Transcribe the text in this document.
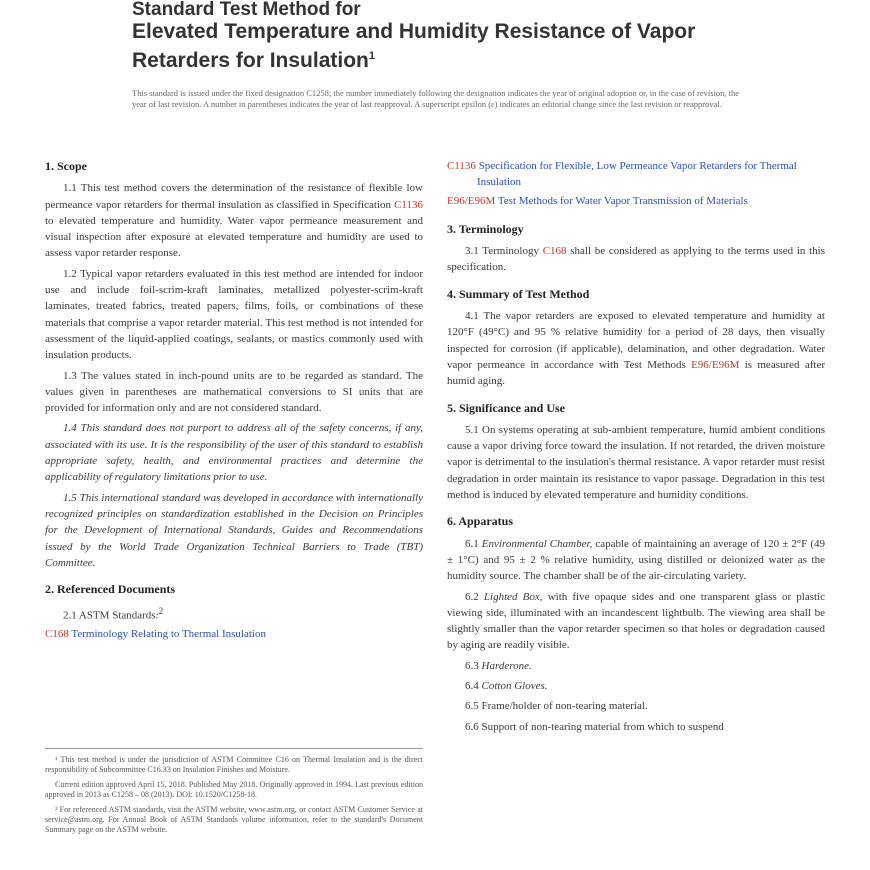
Standard Test Method for

Elevated Temperature and Humidity Resistance of Vapor

Retarders for Insulation$^1$

This standard is issued under the fixed designation C1258; the number immediately following the designation indicates the year of original adoption or, in the case of revision, the year of last revision. A number in parentheses indicates the year of last reapproval. A superscript epsilon (ε) indicates an editorial change since the last revision or reapproval.

1. Scope

1.1 This test method covers the determination of the resistance of flexible low permeance vapor retarders for thermal insulation as classified in Specification C1136 to elevated temperature and humidity. Water vapor permeance measurement and visual inspection after exposure at elevated temperature and humidity are used to assess vapor retarder response.

1.2 Typical vapor retarders evaluated in this test method are intended for indoor use and include foil-scrim-kraft laminates, metallized polyester-scrim-kraft laminates, treated fabrics, treated papers, films, foils, or combinations of these materials that comprise a vapor retarder material. This test method is not intended for assessment of the liquid-applied coatings, sealants, or mastics commonly used with insulation products.

1.3 The values stated in inch-pound units are to be regarded as standard. The values given in parentheses are mathematical conversions to SI units that are provided for information only and are not considered standard.

1.4 This standard does not purport to address all of the safety concerns, if any, associated with its use. It is the responsibility of the user of this standard to establish appropriate safety, health, and environmental practices and determine the applicability of regulatory limitations prior to use.

1.5 This international standard was developed in accordance with internationally recognized principles on standardization established in the Decision on Principles for the Development of International Standards, Guides and Recommendations issued by the World Trade Organization Technical Barriers to Trade (TBT) Committee.

2. Referenced Documents

2.1 ASTM Standards:$^2$

C168 Terminology Relating to Thermal Insulation

C1136 Specification for Flexible, Low Permeance Vapor Retarders for Thermal Insulation

E96/E96M Test Methods for Water Vapor Transmission of Materials

3. Terminology

3.1 Terminology C168 shall be considered as applying to the terms used in this specification.

4. Summary of Test Method

4.1 The vapor retarders are exposed to elevated temperature and humidity at 120°F (49°C) and 95 % relative humidity for a period of 28 days, then visually inspected for corrosion (if applicable), delamination, and other degradation. Water vapor permeance in accordance with Test Methods E96/E96M is measured after humid aging.

5. Significance and Use

5.1 On systems operating at sub-ambient temperature, humid ambient conditions cause a vapor driving force toward the insulation. If not retarded, the driven moisture vapor is detrimental to the insulation's thermal resistance. A vapor retarder must resist degradation in order maintain its resistance to vapor passage. Degradation in this test method is induced by elevated temperature and humidity conditions.

6. Apparatus

6.1 Environmental Chamber, capable of maintaining an average of 120 ± 2°F (49 ± 1°C) and 95 ± 2 % relative humidity, using distilled or deionized water as the humidity source. The chamber shall be of the air-circulating variety.

6.2 Lighted Box, with five opaque sides and one transparent glass or plastic viewing side, illuminated with an incandescent lightbulb. The viewing area shall be slightly smaller than the vapor retarder specimen so that holes or degradation caused by aging are readily visible.

6.3 Harderone.

6.4 Cotton Gloves.

6.5 Frame/holder of non-tearing material.

6.6 Support of non-tearing material from which to suspend

¹ This test method is under the jurisdiction of ASTM Committee C16 on Thermal Insulation and is the direct responsibility of Subcommittee C16.33 on Insulation Finishes and Moisture.

Current edition approved April 15, 2018. Published May 2018. Originally approved in 1994. Last previous edition approved in 2013 as C1258 – 08 (2013). DOI: 10.1520/C1258-18.

² For referenced ASTM standards, visit the ASTM website, www.astm.org, or contact ASTM Customer Service at service@astm.org. For Annual Book of ASTM Standards volume information, refer to the standard's Document Summary page on the ASTM website.
